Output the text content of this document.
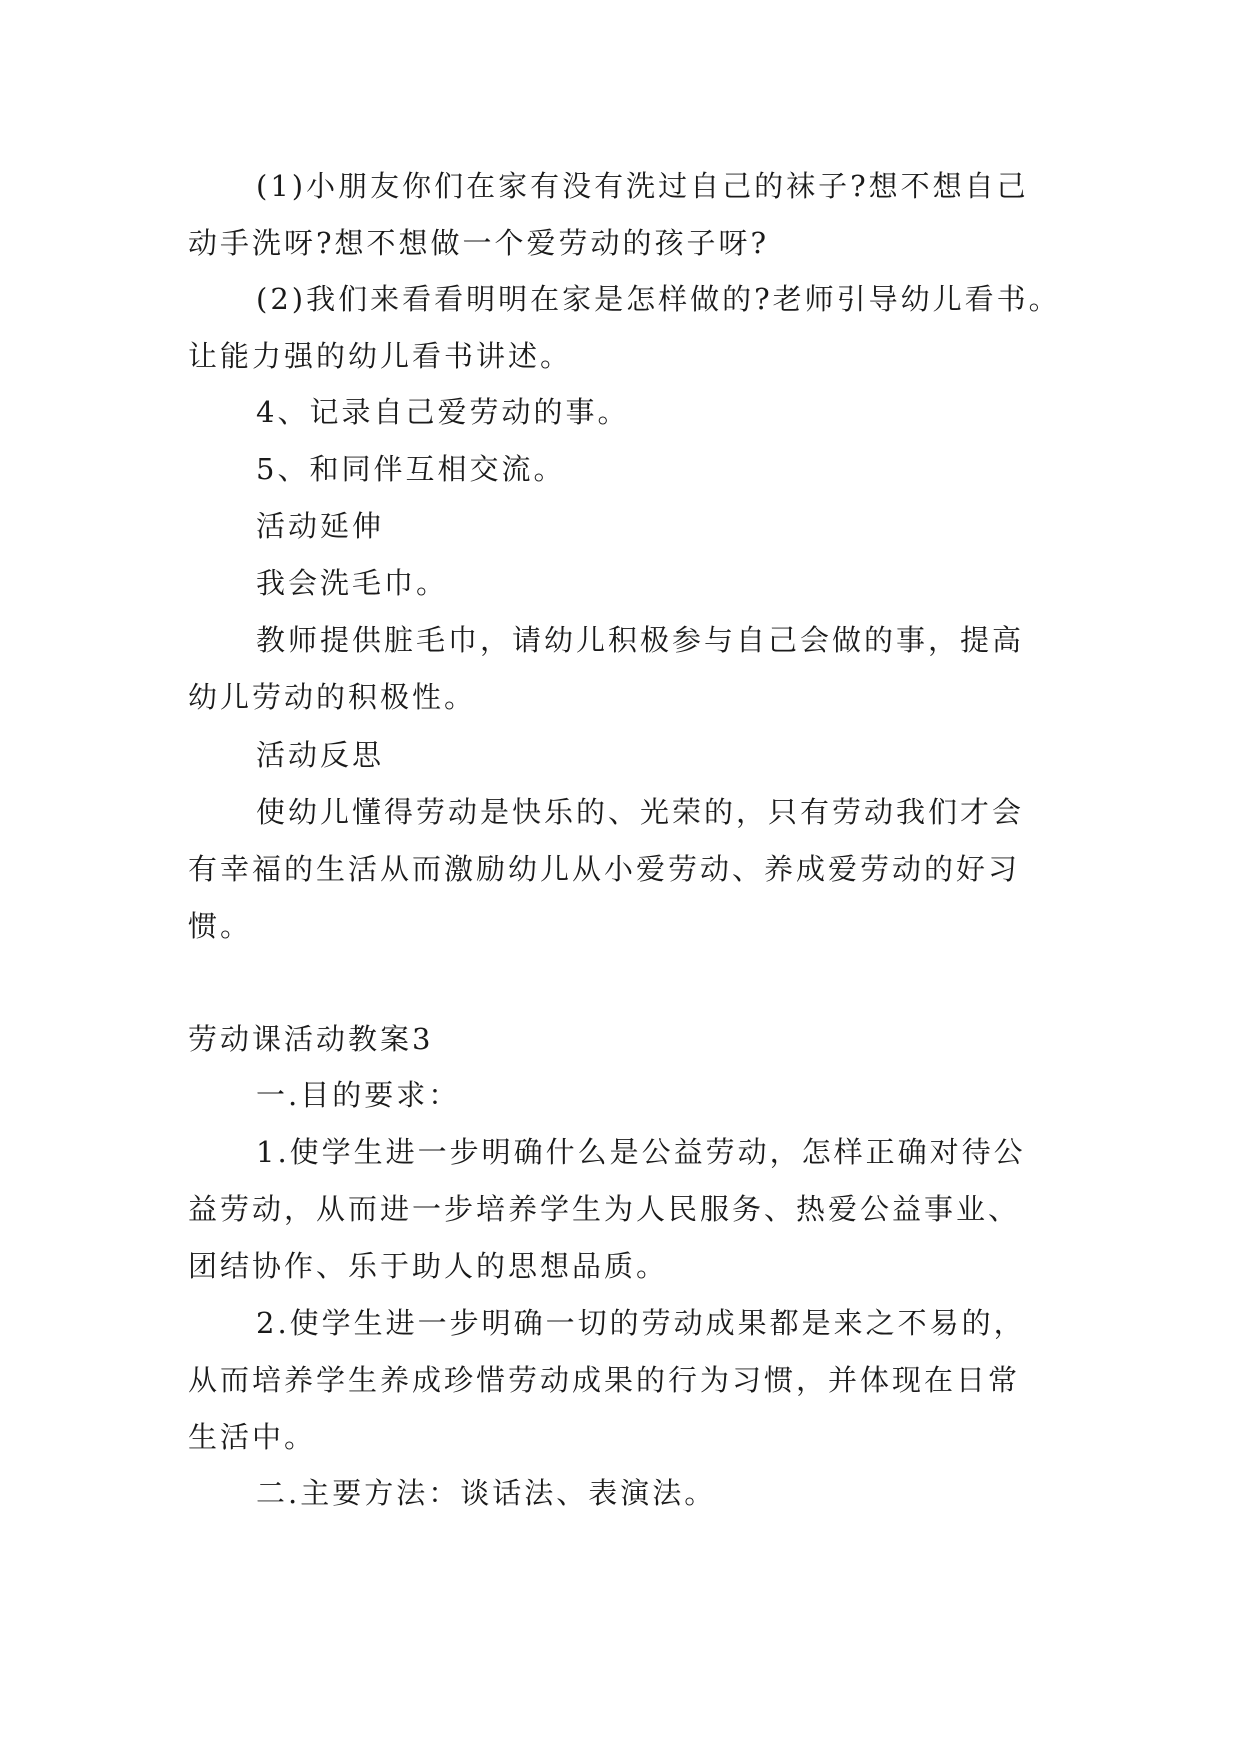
(1)小朋友你们在家有没有洗过自己的袜子?想不想自己
动手洗呀?想不想做一个爱劳动的孩子呀?
(2)我们来看看明明在家是怎样做的?老师引导幼儿看书。
让能力强的幼儿看书讲述。
4、记录自己爱劳动的事。
5、和同伴互相交流。
活动延伸
我会洗毛巾。
教师提供脏毛巾，请幼儿积极参与自己会做的事，提高
幼儿劳动的积极性。
活动反思
使幼儿懂得劳动是快乐的、光荣的，只有劳动我们才会
有幸福的生活从而激励幼儿从小爱劳动、养成爱劳动的好习
惯。
劳动课活动教案3
一.目的要求：
1.使学生进一步明确什么是公益劳动，怎样正确对待公
益劳动，从而进一步培养学生为人民服务、热爱公益事业、
团结协作、乐于助人的思想品质。
2.使学生进一步明确一切的劳动成果都是来之不易的，
从而培养学生养成珍惜劳动成果的行为习惯，并体现在日常
生活中。
二.主要方法：谈话法、表演法。
